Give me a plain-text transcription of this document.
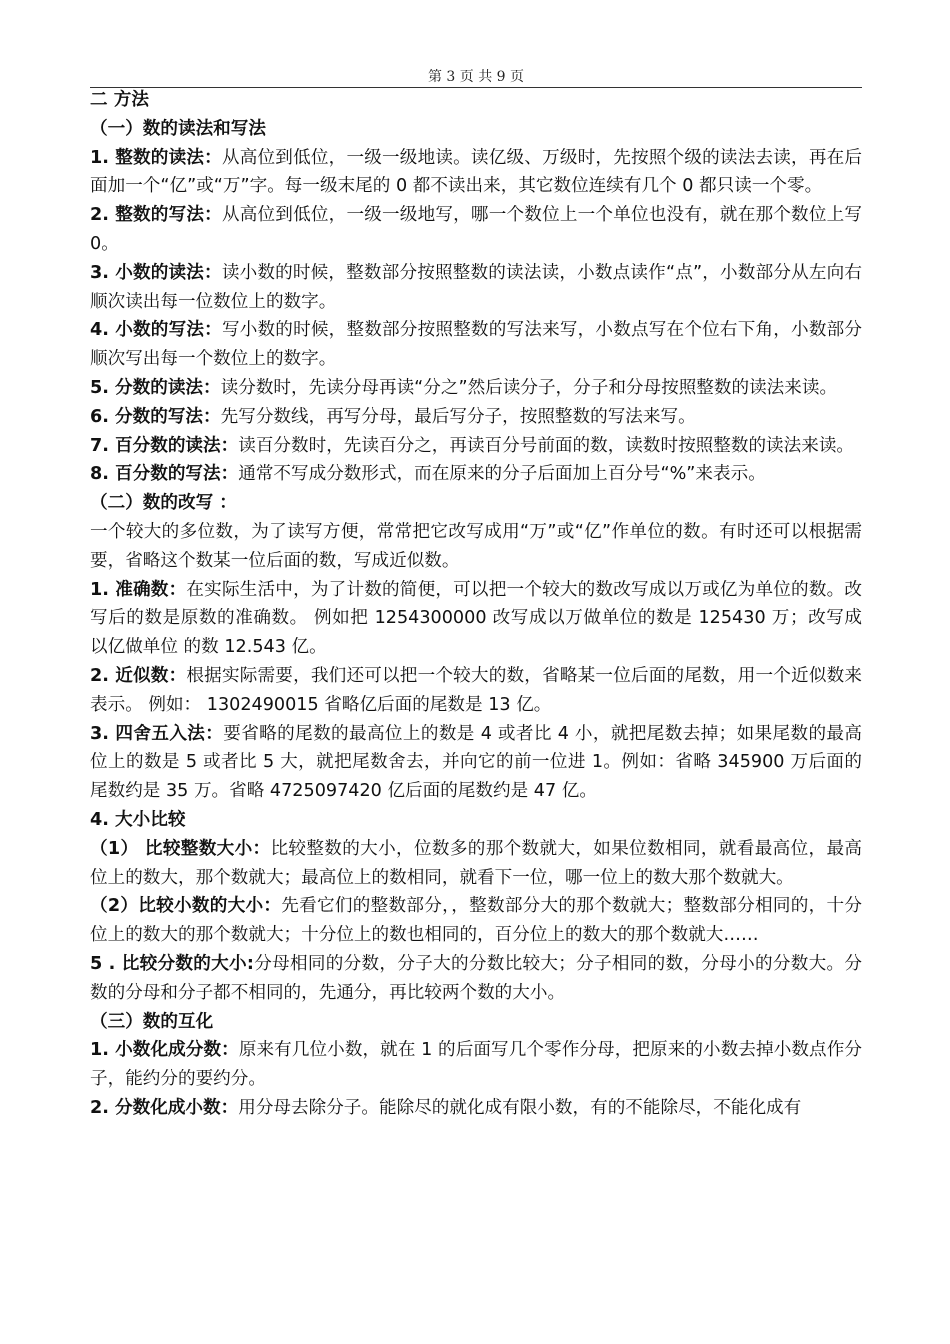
第 3 页 共 9 页

二 方法

（一）数的读法和写法

1. 整数的读法：从高位到低位，一级一级地读。读亿级、万级时，先按照个级的读法去读，再在后面加一个“亿”或“万”字。每一级末尾的 0 都不读出来，其它数位连续有几个 0 都只读一个零。

2. 整数的写法：从高位到低位，一级一级地写，哪一个数位上一个单位也没有，就在那个数位上写 0。

3. 小数的读法：读小数的时候，整数部分按照整数的读法读，小数点读作“点”，小数部分从左向右顺次读出每一位数位上的数字。

4. 小数的写法：写小数的时候，整数部分按照整数的写法来写，小数点写在个位右下角，小数部分顺次写出每一个数位上的数字。

5. 分数的读法：读分数时，先读分母再读“分之”然后读分子，分子和分母按照整数的读法来读。

6. 分数的写法：先写分数线，再写分母，最后写分子，按照整数的写法来写。

7. 百分数的读法：读百分数时，先读百分之，再读百分号前面的数，读数时按照整数的读法来读。

8. 百分数的写法：通常不写成分数形式，而在原来的分子后面加上百分号“%”来表示。

（二）数的改写 ：

一个较大的多位数，为了读写方便，常常把它改写成用“万”或“亿”作单位的数。有时还可以根据需要，省略这个数某一位后面的数，写成近似数。

1. 准确数：在实际生活中，为了计数的简便，可以把一个较大的数改写成以万或亿为单位的数。改写后的数是原数的准确数。 例如把 1254300000 改写成以万做单位的数是 125430 万；改写成 以亿做单位 的数 12.543 亿。

2. 近似数：根据实际需要，我们还可以把一个较大的数，省略某一位后面的尾数，用一个近似数来表示。 例如： 1302490015 省略亿后面的尾数是 13 亿。

3. 四舍五入法：要省略的尾数的最高位上的数是 4 或者比 4 小，就把尾数去掉；如果尾数的最高位上的数是 5 或者比 5 大，就把尾数舍去，并向它的前一位进 1。例如：省略 345900 万后面的尾数约是 35 万。省略 4725097420 亿后面的尾数约是 47 亿。

4. 大小比较

（1） 比较整数大小：比较整数的大小，位数多的那个数就大，如果位数相同，就看最高位，最高位上的数大，那个数就大；最高位上的数相同，就看下一位，哪一位上的数大那个数就大。

（2）比较小数的大小：先看它们的整数部分，，整数部分大的那个数就大；整数部分相同的，十分位上的数大的那个数就大；十分位上的数也相同的，百分位上的数大的那个数就大……

5 . 比较分数的大小:分母相同的分数，分子大的分数比较大；分子相同的数，分母小的分数大。分数的分母和分子都不相同的，先通分，再比较两个数的大小。

（三）数的互化

1. 小数化成分数：原来有几位小数，就在 1 的后面写几个零作分母，把原来的小数去掉小数点作分子，能约分的要约分。

2. 分数化成小数：用分母去除分子。能除尽的就化成有限小数，有的不能除尽，不能化成有
